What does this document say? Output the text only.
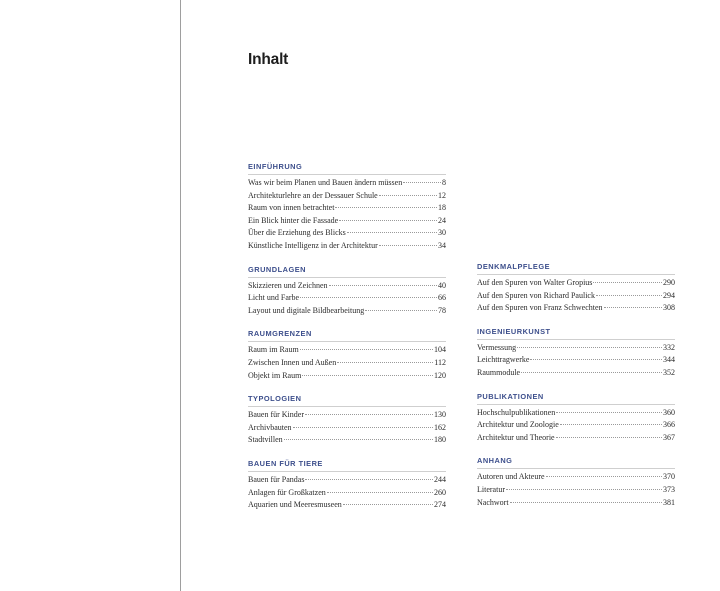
Inhalt
EINFÜHRUNG
Was wir beim Planen und Bauen ändern müssen	8
Architekturlehre an der Dessauer Schule	12
Raum von innen betrachtet	18
Ein Blick hinter die Fassade	24
Über die Erziehung des Blicks	30
Künstliche Intelligenz in der Architektur	34
GRUNDLAGEN
Skizzieren und Zeichnen	40
Licht und Farbe	66
Layout und digitale Bildbearbeitung	78
RAUMGRENZEN
Raum im Raum	104
Zwischen Innen und Außen	112
Objekt im Raum	120
TYPOLOGIEN
Bauen für Kinder	130
Archivbauten	162
Stadtvillen	180
BAUEN FÜR TIERE
Bauen für Pandas	244
Anlagen für Großkatzen	260
Aquarien und Meeresmuseen	274
DENKMALPFLEGE
Auf den Spuren von Walter Gropius	290
Auf den Spuren von Richard Paulick	294
Auf den Spuren von Franz Schwechten	308
INGENIEURKUNST
Vermessung	332
Leichttragwerke	344
Raummodule	352
PUBLIKATIONEN
Hochschulpublikationen	360
Architektur und Zoologie	366
Architektur und Theorie	367
ANHANG
Autoren und Akteure	370
Literatur	373
Nachwort	381
